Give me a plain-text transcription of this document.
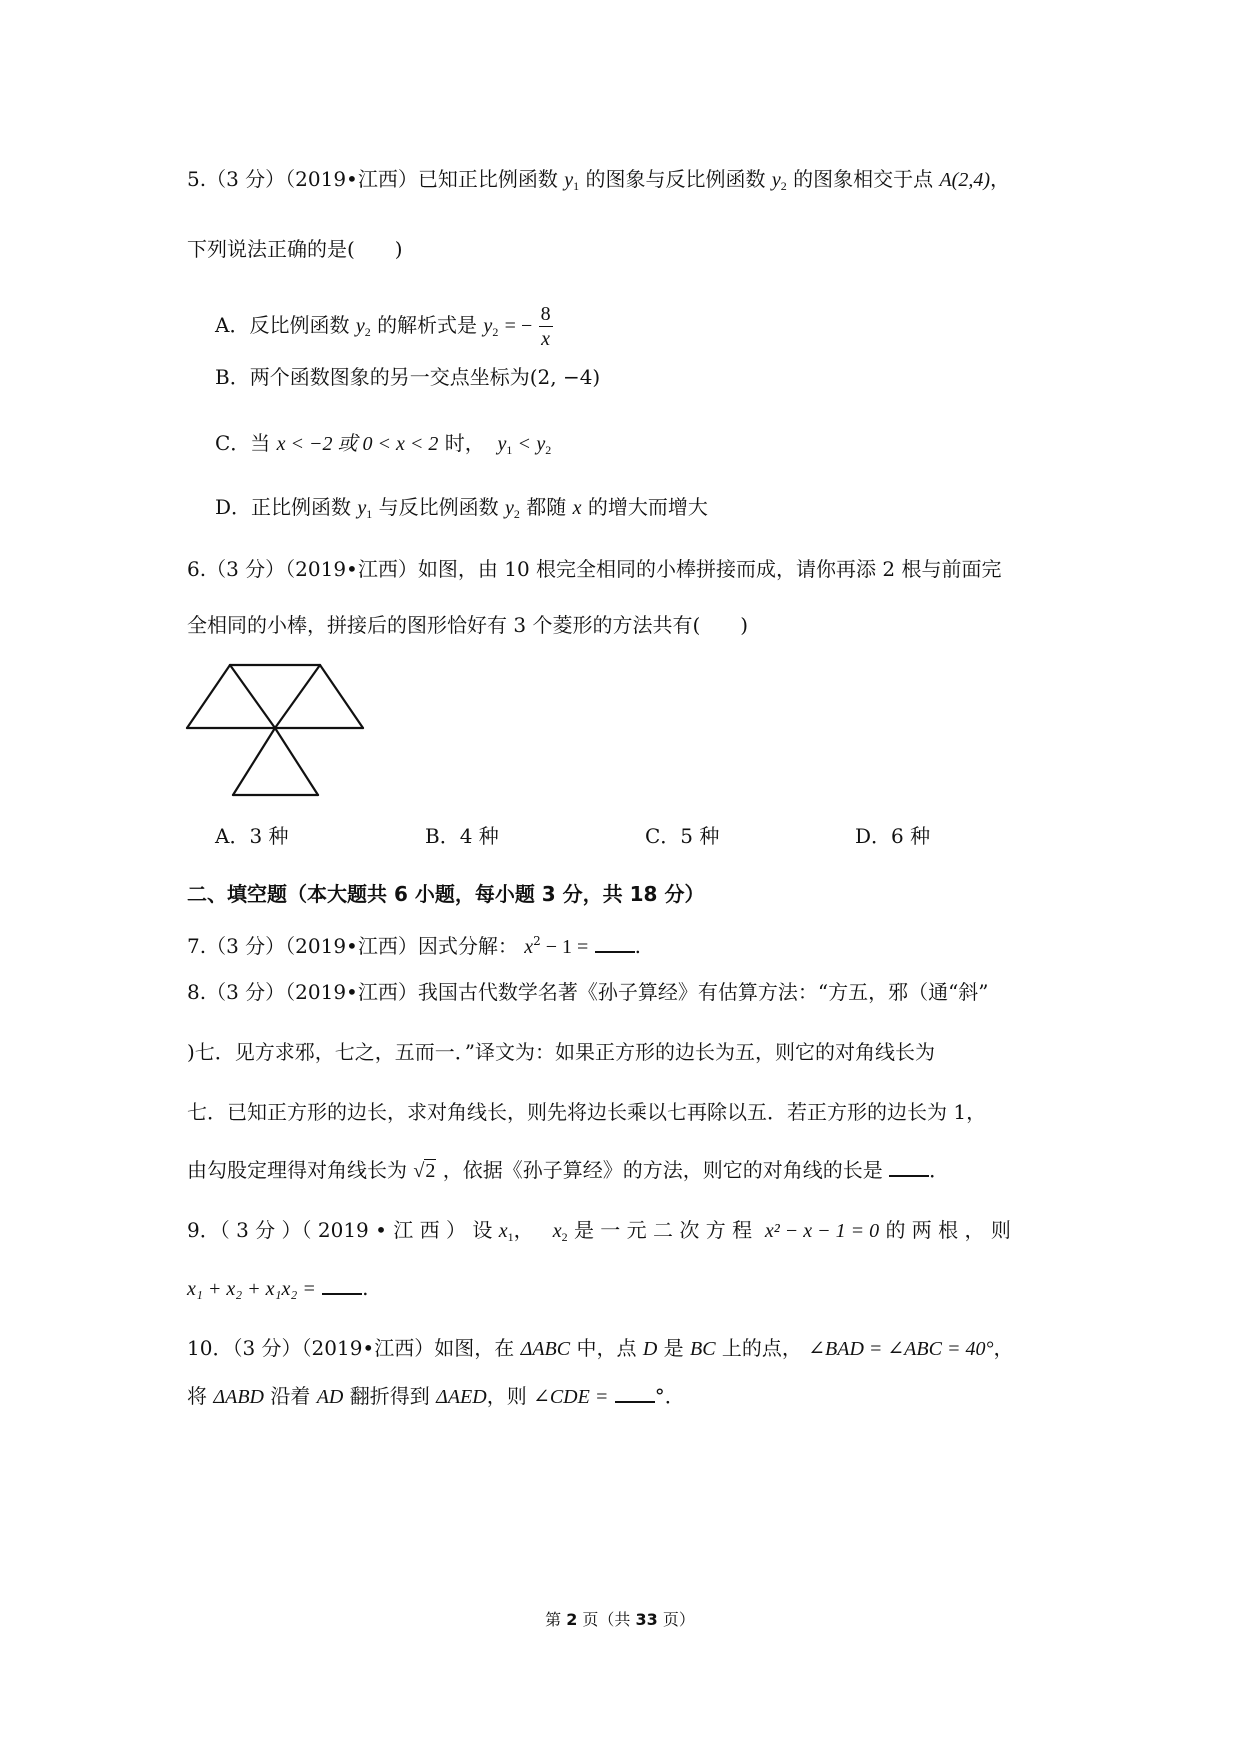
5.（3 分）（2019•江西）已知正比例函数 $y_1$ 的图象与反比例函数 $y_2$ 的图象相交于点 A(2,4)，
下列说法正确的是(　　)
A．反比例函数 $y_2$ 的解析式是 $y_2$ = − $\frac{8}{x}$
B．两个函数图象的另一交点坐标为(2, −4)
C．当 x < −2 或 0 < x < 2 时， $y_1 < y_2$
D．正比例函数 $y_1$ 与反比例函数 $y_2$ 都随 x 的增大而增大
6.（3 分）（2019•江西）如图，由 10 根完全相同的小棒拼接而成，请你再添 2 根与前面完
全相同的小棒，拼接后的图形恰好有 3 个菱形的方法共有(　　)
A．3 种	B．4 种	C．5 种	D．6 种
二、填空题（本大题共 6 小题，每小题 3 分，共 18 分）
7.（3 分）（2019•江西）因式分解： $x^2 - 1$ = .
8.（3 分）（2019•江西）我国古代数学名著《孙子算经》有估算方法：“方五，邪（通“斜”
)七．见方求邪，七之，五而一．”译文为：如果正方形的边长为五，则它的对角线长为
七．已知正方形的边长，求对角线长，则先将边长乘以七再除以五．若正方形的边长为 1，
由勾股定理得对角线长为 √2 ，依据《孙子算经》的方法，则它的对角线的长是 ．
9．（ 3 分 ）（ 2019 • 江 西 ） 设 $x_1$， $x_2$ 是 一 元 二 次 方 程 x² − x − 1 = 0 的 两 根 ， 则
x₁ + x₂ + x₁x₂ = .
10．（3 分）（2019•江西）如图，在 ΔABC 中，点 D 是 BC 上的点， ∠BAD = ∠ABC = 40°，
将 ΔABD 沿着 AD 翻折得到 ΔAED，则 ∠CDE = °．
第 2 页（共 33 页）
